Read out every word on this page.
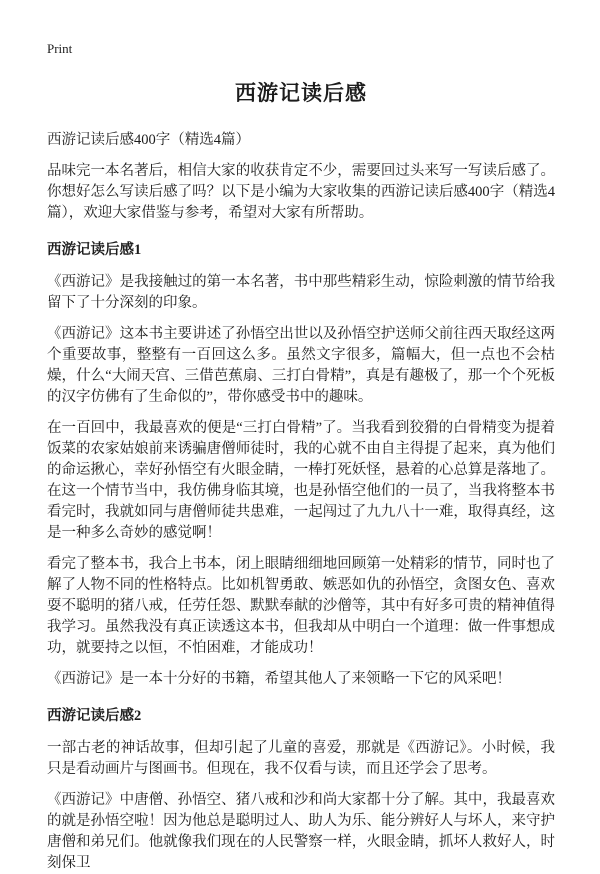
Print
西游记读后感

西游记读后感400字（精选4篇）

品味完一本名著后，相信大家的收获肯定不少，需要回过头来写一写读后感了。你想好怎么写读后感了吗？以下是小编为大家收集的西游记读后感400字（精选4篇），欢迎大家借鉴与参考，希望对大家有所帮助。

西游记读后感1

《西游记》是我接触过的第一本名著，书中那些精彩生动，惊险刺激的情节给我留下了十分深刻的印象。

《西游记》这本书主要讲述了孙悟空出世以及孙悟空护送师父前往西天取经这两个重要故事，整整有一百回这么多。虽然文字很多，篇幅大，但一点也不会枯燥，什么“大闹天宫、三借芭蕉扇、三打白骨精”，真是有趣极了，那一个个死板的汉字仿佛有了生命似的”，带你感受书中的趣味。

在一百回中，我最喜欢的便是“三打白骨精”了。当我看到狡猾的白骨精变为提着饭菜的农家姑娘前来诱骗唐僧师徒时，我的心就不由自主得提了起来，真为他们的命运揪心，幸好孙悟空有火眼金睛，一棒打死妖怪，悬着的心总算是落地了。在这一个情节当中，我仿佛身临其境，也是孙悟空他们的一员了，当我将整本书看完时，我就如同与唐僧师徒共患难，一起闯过了九九八十一难，取得真经，这是一种多么奇妙的感觉啊！

看完了整本书，我合上书本，闭上眼睛细细地回顾第一处精彩的情节，同时也了解了人物不同的性格特点。比如机智勇敢、嫉恶如仇的孙悟空，贪图女色、喜欢耍不聪明的猪八戒，任劳任怨、默默奉献的沙僧等，其中有好多可贵的精神值得我学习。虽然我没有真正读透这本书，但我却从中明白一个道理：做一件事想成功，就要持之以恒，不怕困难，才能成功！

《西游记》是一本十分好的书籍，希望其他人了来领略一下它的风采吧！

西游记读后感2

一部古老的神话故事，但却引起了儿童的喜爱，那就是《西游记》。小时候，我只是看动画片与图画书。但现在，我不仅看与读，而且还学会了思考。

《西游记》中唐僧、孙悟空、猪八戒和沙和尚大家都十分了解。其中，我最喜欢的就是孙悟空啦！因为他总是聪明过人、助人为乐、能分辨好人与坏人，来守护唐僧和弟兄们。他就像我们现在的人民警察一样，火眼金睛，抓坏人救好人，时刻保卫
